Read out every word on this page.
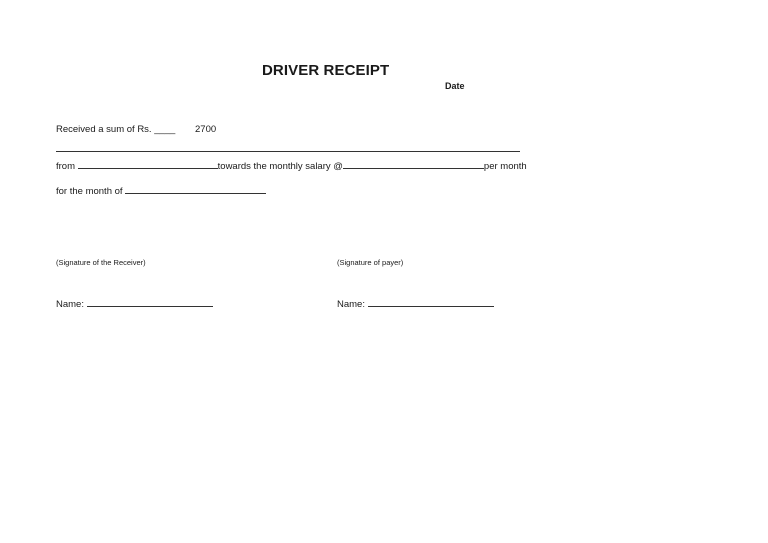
DRIVER RECEIPT
Date
Received a sum of Rs. ____ 2700
from	towards the monthly salary @	per month
for the month of
(Signature of the Receiver)	(Signature of payer)
Name:	Name:
